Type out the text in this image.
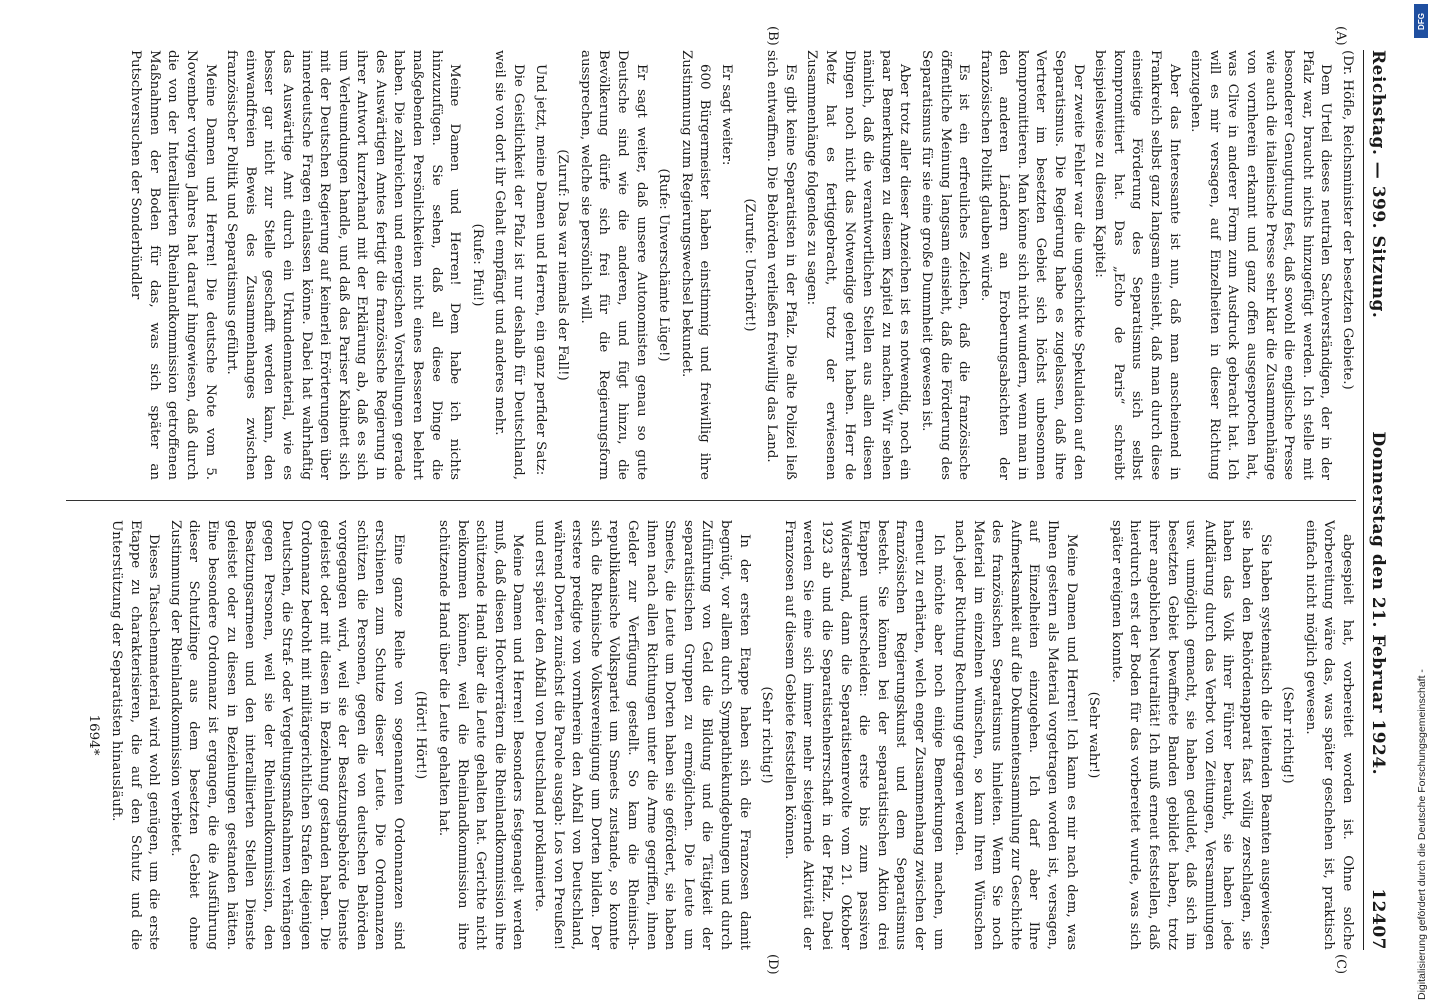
Reichstag. — 399. Sitzung.
Donnerstag den 21. Februar 1924.
12407
(A)
(B)
(C)
(D)

(Dr. Höfle, Reichsminister der besetzten Gebiete.)

Dem Urteil dieses neutralen Sachverständigen, der in der Pfalz war, braucht nichts hinzugefügt werden. Ich stelle mit besonderer Genugtuung fest, daß sowohl die englische Presse wie auch die italienische Presse sehr klar die Zusammenhänge von vornherein erkannt und ganz offen ausgesprochen hat, was Clive in anderer Form zum Ausdruck gebracht hat. Ich will es mir versagen, auf Einzelheiten in dieser Richtung einzugehen.

Aber das Interessante ist nun, daß man anscheinend in Frankreich selbst ganz langsam einsieht, daß man durch diese einseitige Förderung des Separatismus sich selbst kompromittiert hat. Das „Echo de Paris“ schreibt beispielsweise zu diesem Kapitel:

Der zweite Fehler war die ungeschickte Spekulation auf den Separatismus. Die Regierung habe es zugelassen, daß ihre Vertreter im besetzten Gebiet sich höchst unbesonnen kompromittieren. Man könne sich nicht wundern, wenn man in den anderen Ländern an Eroberungsabsichten der französischen Politik glauben würde.

Es ist ein erfreuliches Zeichen, daß die französische öffentliche Meinung langsam einsieht, daß die Förderung des Separatismus für sie eine große Dummheit gewesen ist.

Aber trotz aller dieser Anzeichen ist es notwendig, noch ein paar Bemerkungen zu diesem Kapitel zu machen. Wir sehen nämlich, daß die verantwortlichen Stellen aus allen diesen Dingen noch nicht das Notwendige gelernt haben. Herr de Metz hat es fertiggebracht, trotz der erwiesenen Zusammenhänge folgendes zu sagen:

Es gibt keine Separatisten in der Pfalz. Die alte Polizei ließ sich entwaffnen. Die Behörden verließen freiwillig das Land.

(Zurufe: Unerhört!)

Er sagt weiter:

600 Bürgermeister haben einstimmig und freiwillig ihre Zustimmung zum Regierungswechsel bekundet.

(Rufe: Unverschämte Lüge!)

Er sagt weiter, daß unsere Autonomisten genau so gute Deutsche sind wie die anderen, und fügt hinzu, die Bevölkerung dürfe sich frei für die Regierungsform aussprechen, welche sie persönlich will.

(Zuruf: Das war niemals der Fall!)

Und jetzt, meine Damen und Herren, ein ganz perfider Satz:

Die Geistlichkeit der Pfalz ist nur deshalb für Deutschland, weil sie von dort ihr Gehalt empfängt und anderes mehr.

(Rufe: Pfui!)

Meine Damen und Herren! Dem habe ich nichts hinzuzufügen. Sie sehen, daß all diese Dinge die maßgebenden Persönlichkeiten nicht eines Besseren belehrt haben. Die zahlreichen und energischen Vorstellungen gerade des Auswärtigen Amtes fertigt die französische Regierung in ihrer Antwort kurzerhand mit der Erklärung ab, daß es sich um Verleumdungen handle, und daß das Pariser Kabinett sich mit der Deutschen Regierung auf keinerlei Erörterungen über innerdeutsche Fragen einlassen könne. Dabei hat wahrhaftig das Auswärtige Amt durch ein Urkundenmaterial, wie es besser gar nicht zur Stelle geschafft werden kann, den einwandfreien Beweis des Zusammenhanges zwischen französischer Politik und Separatismus geführt.

Meine Damen und Herren! Die deutsche Note vom 5. November vorigen Jahres hat darauf hingewiesen, daß durch die von der Interalliierten Rheinlandkommission getroffenen Maßnahmen der Boden für das, was sich später an Putschversuchen der Sonderbündler

abgespielt hat, vorbereitet worden ist. Ohne solche Vorbereitung wäre das, was später geschehen ist, praktisch einfach nicht möglich gewesen.

(Sehr richtig!)

Sie haben systematisch die leitenden Beamten ausgewiesen, sie haben den Behördenapparat fast völlig zerschlagen, sie haben das Volk ihrer Führer beraubt, sie haben jede Aufklärung durch das Verbot von Zeitungen, Versammlungen usw. unmöglich gemacht, sie haben geduldet, daß sich im besetzten Gebiet bewaffnete Banden gebildet haben, trotz ihrer angeblichen Neutralität! Ich muß erneut feststellen, daß hierdurch erst der Boden für das vorbereitet wurde, was sich später ereignen konnte.

(Sehr wahr!)

Meine Damen und Herren! Ich kann es mir nach dem, was Ihnen gestern als Material vorgetragen worden ist, versagen, auf Einzelheiten einzugehen. Ich darf aber Ihre Aufmerksamkeit auf die Dokumentensammlung zur Geschichte des französischen Separatismus hinleiten. Wenn Sie noch Material im einzelnen wünschen, so kann Ihren Wünschen nach jeder Richtung Rechnung getragen werden.

Ich möchte aber noch einige Bemerkungen machen, um erneut zu erhärten, welch enger Zusammenhang zwischen der französischen Regierungskunst und dem Separatismus besteht. Sie können bei der separatistischen Aktion drei Etappen unterscheiden: die erste bis zum passiven Widerstand, dann die Separatistenrevolte vom 21. Oktober 1923 ab und die Separatistenherrschaft in der Pfalz. Dabei werden Sie eine sich immer mehr steigernde Aktivität der Franzosen auf diesem Gebiete feststellen können.

(Sehr richtig!)

In der ersten Etappe haben sich die Franzosen damit begnügt, vor allem durch Sympathiekundgebungen und durch Zuführung von Geld die Bildung und die Tätigkeit der separatistischen Gruppen zu ermöglichen. Die Leute um Smeets, die Leute um Dorten haben sie gefördert, sie haben ihnen nach allen Richtungen unter die Arme gegriffen, ihnen Gelder zur Verfügung gestellt. So kam die Rheinisch-republikanische Volkspartei um Smeets zustande, so konnte sich die Rheinische Volksvereinigung um Dorten bilden. Der erstere predigte von vornherein den Abfall von Deutschland, während Dorten zunächst die Parole ausgab: Los von Preußen! und erst später den Abfall von Deutschland proklamierte.

Meine Damen und Herren! Besonders festgenagelt werden muß, daß diesen Hochverrätern die Rheinlandkommission ihre schützende Hand über die Leute gehalten hat. Gerichte nicht beikommen können, weil die Rheinlandkommission ihre schützende Hand über die Leute gehalten hat.

(Hört! Hört!)

Eine ganze Reihe von sogenannten Ordonnanzen sind erschienen zum Schutze dieser Leute. Die Ordonnanzen schützen die Personen, gegen die von deutschen Behörden vorgegangen wird, weil sie der Besatzungsbehörde Dienste geleistet oder mit diesen in Beziehung gestanden haben. Die Ordonnanz bedroht mit militärgerichtlichen Strafen diejenigen Deutschen, die Straf- oder Vergeltungsmaßnahmen verhängen gegen Personen, weil sie der Rheinlandkommission, den Besatzungsarmeen und den interalliierten Stellen Dienste geleistet oder zu diesen in Beziehungen gestanden hätten. Eine besondere Ordonnanz ist ergangen, die die Ausführung dieser Schutzlinge aus dem besetzten Gebiet ohne Zustimmung der Rheinlandkommission verbietet.

Dieses Tatsachenmaterial wird wohl genügen, um die erste Etappe zu charakterisieren, die auf den Schutz und die Unterstützung der Separatisten hinausläuft.

1694*

DFG
Digitalisierung gefördert durch die Deutsche Forschungsgemeinschaft -
